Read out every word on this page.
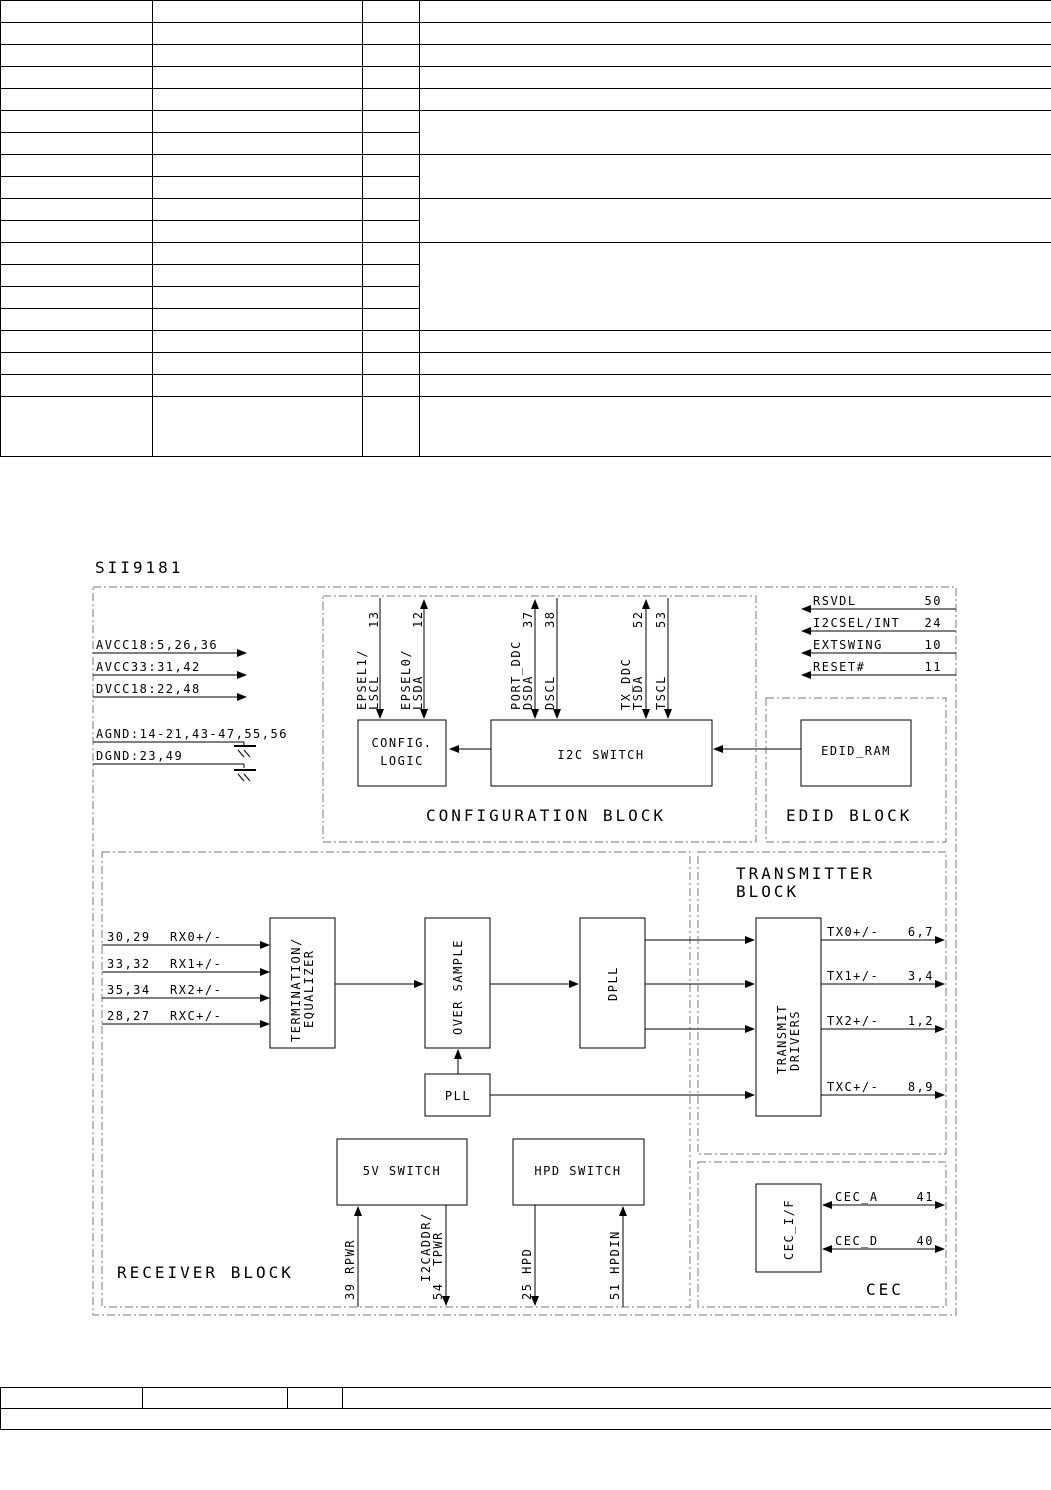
SII9181
AVCC18:5,26,36
AVCC33:31,42
DVCC18:22,48
AGND:14-21,43-47,55,56
DGND:23,49
CONFIG.
LOGIC	I2C SWITCH
EPSEL1/
LSCL
13
EPSEL0/
LSDA
12
PORT_DDC
DSDA
37
DSCL
38
TX_DDC
TSDA
52
TSCL
53
CONFIGURATION BLOCK
RSVDL	50
I2CSEL/INT 24
EXTSWING	10
RESET#	11
EDID_RAM
EDID BLOCK
30,29 RX0+/-
33,32 RX1+/-
35,34 RX2+/-
28,27 RXC+/-	TERMINATION/ EQUALIZER	OVER SAMPLE	DPLL
PLL
5V SWITCH
39 RPWR	I2CADDR/
TPWR
54
HPD SWITCH
25 HPD	51 HPDIN
RECEIVER BLOCK
TRANSMITTER
BLOCK
TRANSMIT DRIVERS
TX0+/- 6,7
TX1+/- 3,4
TX2+/- 1,2
TXC+/- 8,9
CEC_I/F
CEC_A	41
CEC_D	40
CEC
